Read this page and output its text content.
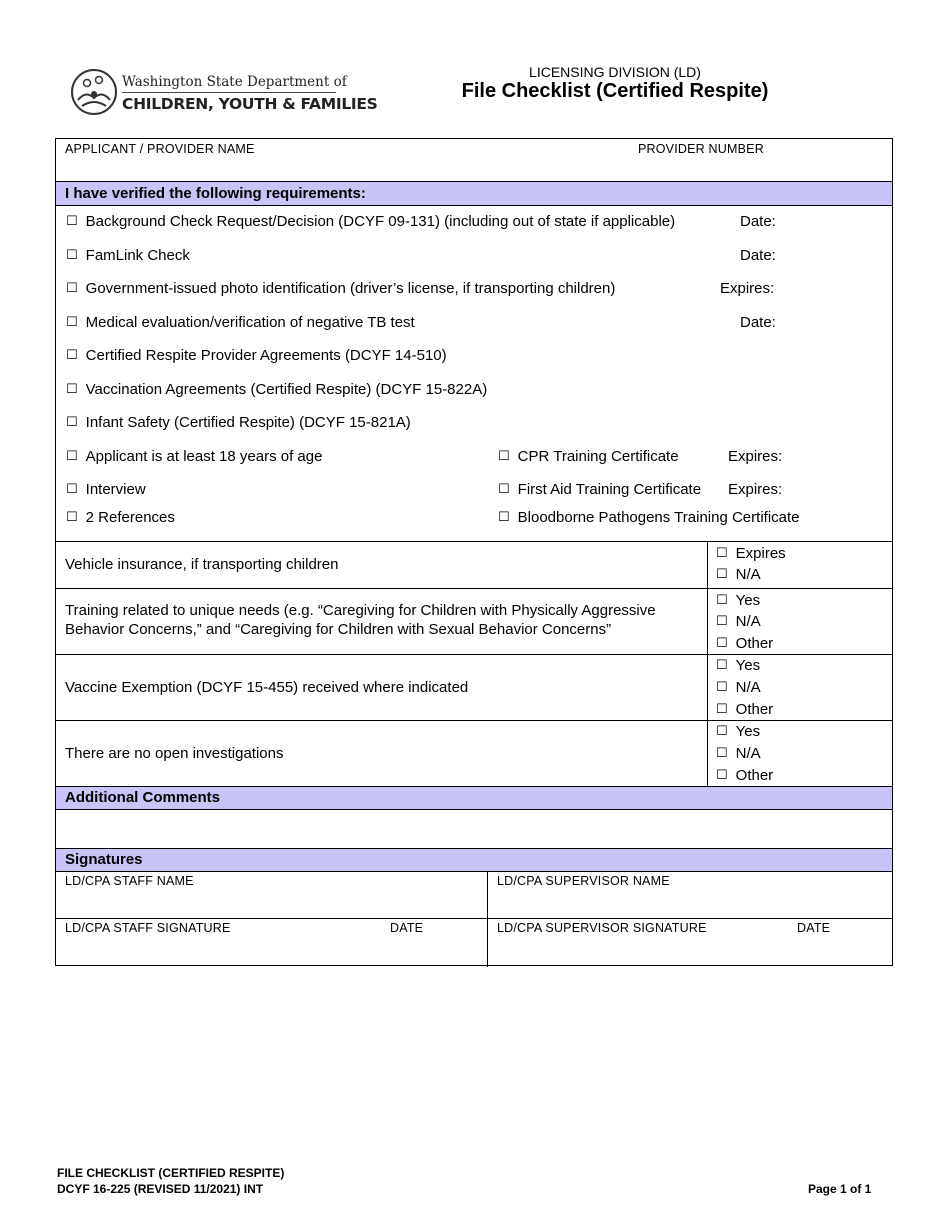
Washington State Department of
CHILDREN, YOUTH & FAMILIES
LICENSING DIVISION (LD)
File Checklist (Certified Respite)
APPLICANT / PROVIDER NAME	PROVIDER NUMBER
I have verified the following requirements:
☐ Background Check Request/Decision (DCYF 09-131) (including out of state if applicable)	Date:
☐ FamLink Check	Date:
☐ Government-issued photo identification (driver’s license, if transporting children)	Expires:
☐ Medical evaluation/verification of negative TB test	Date:
☐ Certified Respite Provider Agreements (DCYF 14-510)
☐ Vaccination Agreements (Certified Respite) (DCYF 15-822A)
☐ Infant Safety (Certified Respite) (DCYF 15-821A)
☐ Applicant is at least 18 years of age	☐ CPR Training Certificate	Expires:
☐ Interview	☐ First Aid Training Certificate Expires:
☐ 2 References	☐ Bloodborne Pathogens Training Certificate
Vehicle insurance, if transporting children
☐ Expires
☐ N/A
Training related to unique needs (e.g. “Caregiving for Children with Physically Aggressive
Behavior Concerns,” and “Caregiving for Children with Sexual Behavior Concerns”
☐ Yes
☐ N/A
☐ Other
Vaccine Exemption (DCYF 15-455) received where indicated
☐ Yes
☐ N/A
☐ Other
There are no open investigations
☐ Yes
☐ N/A
☐ Other
Additional Comments
Signatures
LD/CPA STAFF NAME	LD/CPA SUPERVISOR NAME
LD/CPA STAFF SIGNATURE	DATE	LD/CPA SUPERVISOR SIGNATURE	DATE
FILE CHECKLIST (CERTIFIED RESPITE)
DCYF 16-225 (REVISED 11/2021) INT	Page 1 of 1
